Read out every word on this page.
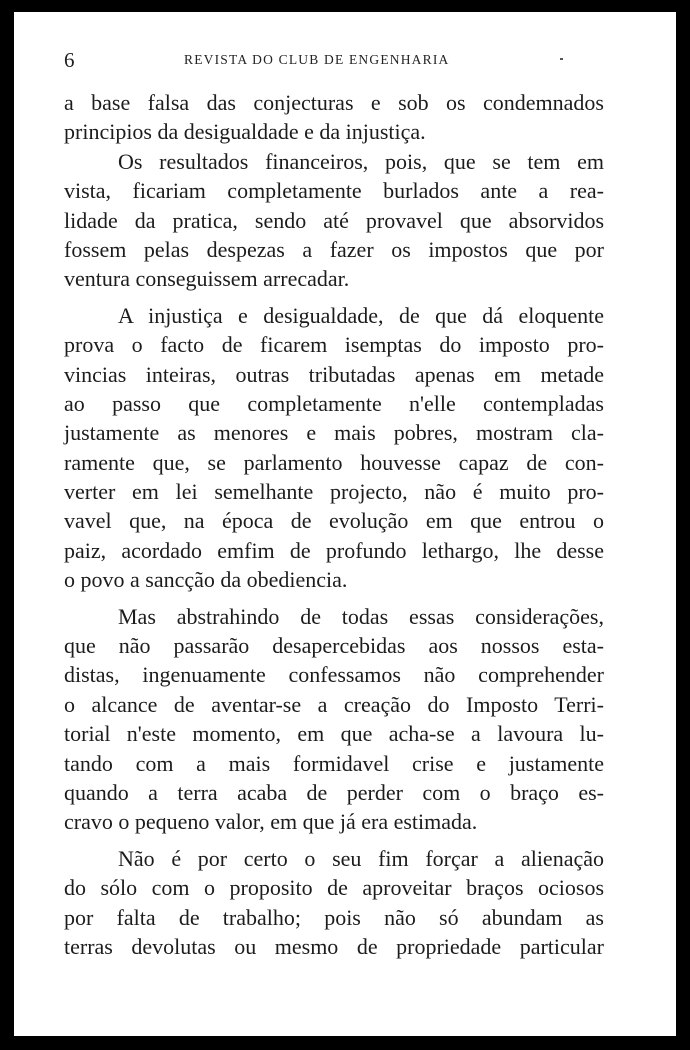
6	REVISTA DO CLUB DE ENGENHARIA
a base falsa das conjecturas e sob os condemnados
principios da desigualdade e da injustiça.
Os resultados financeiros, pois, que se tem em
vista, ficariam completamente burlados ante a rea-
lidade da pratica, sendo até provavel que absorvidos
fossem pelas despezas a fazer os impostos que por
ventura conseguissem arrecadar.
A injustiça e desigualdade, de que dá eloquente
prova o facto de ficarem isemptas do imposto pro-
vincias inteiras, outras tributadas apenas em metade
ao passo que completamente n'elle contempladas
justamente as menores e mais pobres, mostram cla-
ramente que, se parlamento houvesse capaz de con-
verter em lei semelhante projecto, não é muito pro-
vavel que, na época de evolução em que entrou o
paiz, acordado emfim de profundo lethargo, lhe desse
o povo a sancção da obediencia.
Mas abstrahindo de todas essas considerações,
que não passarão desapercebidas aos nossos esta-
distas, ingenuamente confessamos não comprehender
o alcance de aventar-se a creação do Imposto Terri-
torial n'este momento, em que acha-se a lavoura lu-
tando com a mais formidavel crise e justamente
quando a terra acaba de perder com o braço es-
cravo o pequeno valor, em que já era estimada.
Não é por certo o seu fim forçar a alienação
do sólo com o proposito de aproveitar braços ociosos
por falta de trabalho; pois não só abundam as
terras devolutas ou mesmo de propriedade particular
